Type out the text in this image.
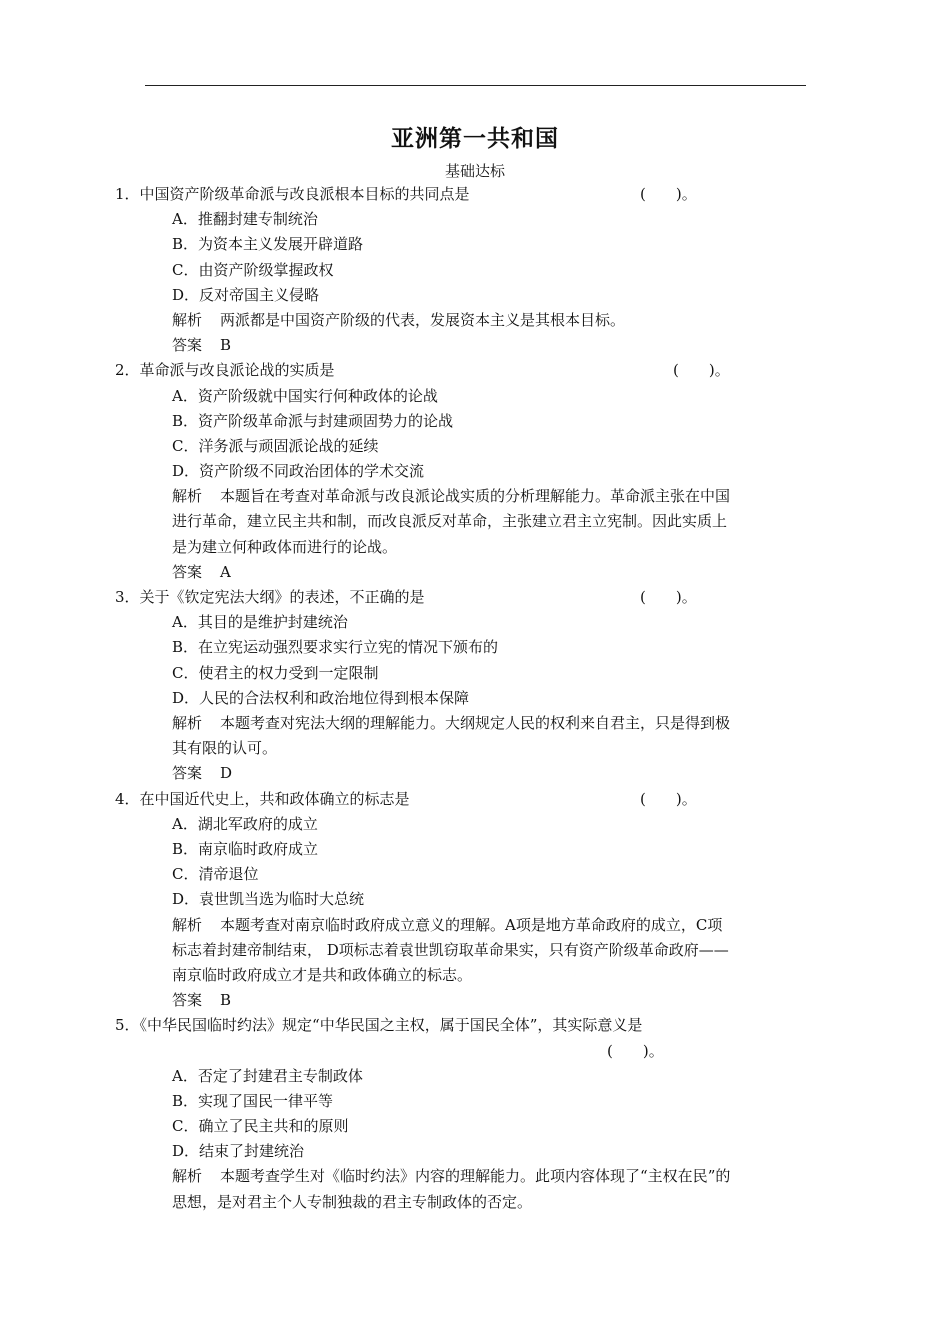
亚洲第一共和国
基础达标
1．中国资产阶级革命派与改良派根本目标的共同点是	(　　)。
A．推翻封建专制统治
B．为资本主义发展开辟道路
C．由资产阶级掌握政权
D．反对帝国主义侵略
解析 两派都是中国资产阶级的代表，发展资本主义是其根本目标。
答案 B
2．革命派与改良派论战的实质是	(　　)。
A．资产阶级就中国实行何种政体的论战
B．资产阶级革命派与封建顽固势力的论战
C．洋务派与顽固派论战的延续
D．资产阶级不同政治团体的学术交流
解析 本题旨在考查对革命派与改良派论战实质的分析理解能力。革命派主张在中国进行革命，建立民主共和制，而改良派反对革命，主张建立君主立宪制。因此实质上是为建立何种政体而进行的论战。
答案 A
3．关于《钦定宪法大纲》的表述，不正确的是	(　　)。
A．其目的是维护封建统治
B．在立宪运动强烈要求实行立宪的情况下颁布的
C．使君主的权力受到一定限制
D．人民的合法权利和政治地位得到根本保障
解析 本题考查对宪法大纲的理解能力。大纲规定人民的权利来自君主，只是得到极其有限的认可。
答案 D
4．在中国近代史上，共和政体确立的标志是	(　　)。
A．湖北军政府的成立
B．南京临时政府成立
C．清帝退位
D．袁世凯当选为临时大总统
解析 本题考查对南京临时政府成立意义的理解。A项是地方革命政府的成立，C项标志着封建帝制结束， D项标志着袁世凯窃取革命果实，只有资产阶级革命政府——南京临时政府成立才是共和政体确立的标志。
答案 B
5．《中华民国临时约法》规定“中华民国之主权，属于国民全体”，其实际意义是
(　　)。
A．否定了封建君主专制政体
B．实现了国民一律平等
C．确立了民主共和的原则
D．结束了封建统治
解析 本题考查学生对《临时约法》内容的理解能力。此项内容体现了“主权在民”的思想，是对君主个人专制独裁的君主专制政体的否定。
